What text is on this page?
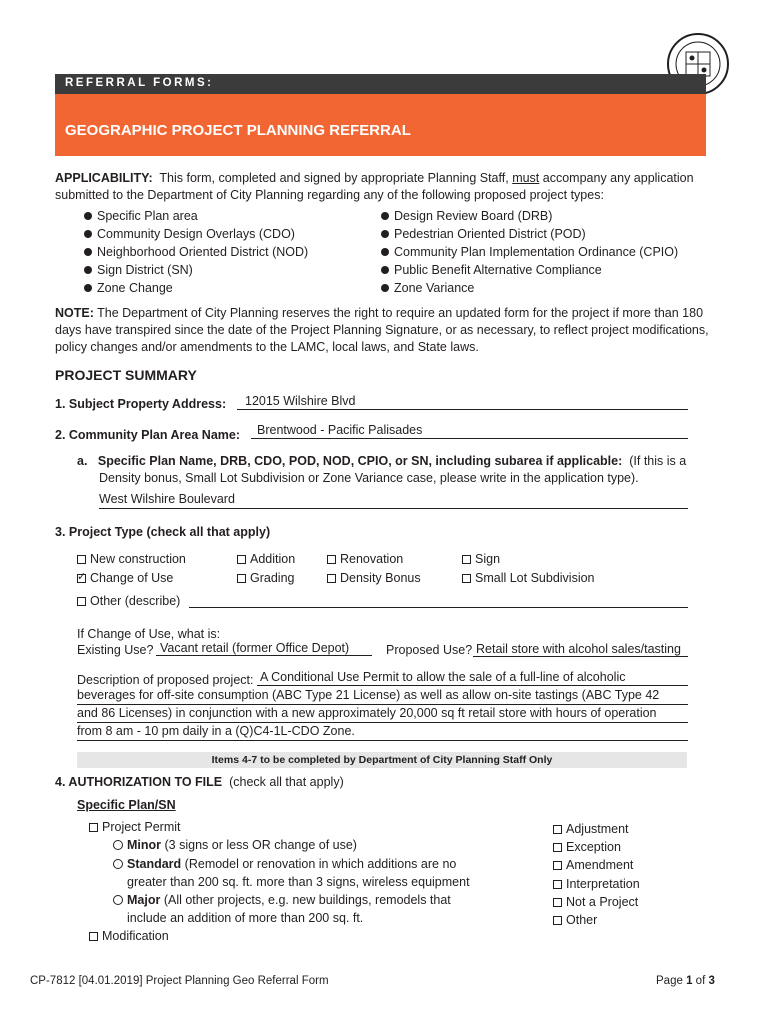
REFERRAL FORMS:
GEOGRAPHIC PROJECT PLANNING REFERRAL
APPLICABILITY: This form, completed and signed by appropriate Planning Staff, must accompany any application
submitted to the Department of City Planning regarding any of the following proposed project types:
Specific Plan area
Community Design Overlays (CDO)
Neighborhood Oriented District (NOD)
Sign District (SN)
Zone Change
Design Review Board (DRB)
Pedestrian Oriented District (POD)
Community Plan Implementation Ordinance (CPIO)
Public Benefit Alternative Compliance
Zone Variance
NOTE: The Department of City Planning reserves the right to require an updated form for the project if more than 180
days have transpired since the date of the Project Planning Signature, or as necessary, to reflect project modifications,
policy changes and/or amendments to the LAMC, local laws, and State laws.
PROJECT SUMMARY
1. Subject Property Address:	12015 Wilshire Blvd
2. Community Plan Area Name:	Brentwood - Pacific Palisades
a. Specific Plan Name, DRB, CDO, POD, NOD, CPIO, or SN, including subarea if applicable: (If this is a
Density bonus, Small Lot Subdivision or Zone Variance case, please write in the application type).
West Wilshire Boulevard
3. Project Type (check all that apply)
New construction	Addition	Renovation	Sign
✓Change of Use	Grading	Density Bonus	Small Lot Subdivision
Other (describe)
If Change of Use, what is:
Existing Use? Vacant retail (former Office Depot)	Proposed Use? Retail store with alcohol sales/tasting
Description of proposed project: A Conditional Use Permit to allow the sale of a full-line of alcoholic
beverages for off-site consumption (ABC Type 21 License) as well as allow on-site tastings (ABC Type 42
and 86 Licenses) in conjunction with a new approximately 20,000 sq ft retail store with hours of operation
from 8 am - 10 pm daily in a (Q)C4-1L-CDO Zone.
Items 4-7 to be completed by Department of City Planning Staff Only
4. AUTHORIZATION TO FILE (check all that apply)
Specific Plan/SN
Project Permit
Minor (3 signs or less OR change of use)
Standard (Remodel or renovation in which additions are no
greater than 200 sq. ft. more than 3 signs, wireless equipment
Major (All other projects, e.g. new buildings, remodels that
include an addition of more than 200 sq. ft.
Modification
Adjustment
Exception
Amendment
Interpretation
Not a Project
Other
CP-7812 [04.01.2019] Project Planning Geo Referral Form	Page 1 of 3
